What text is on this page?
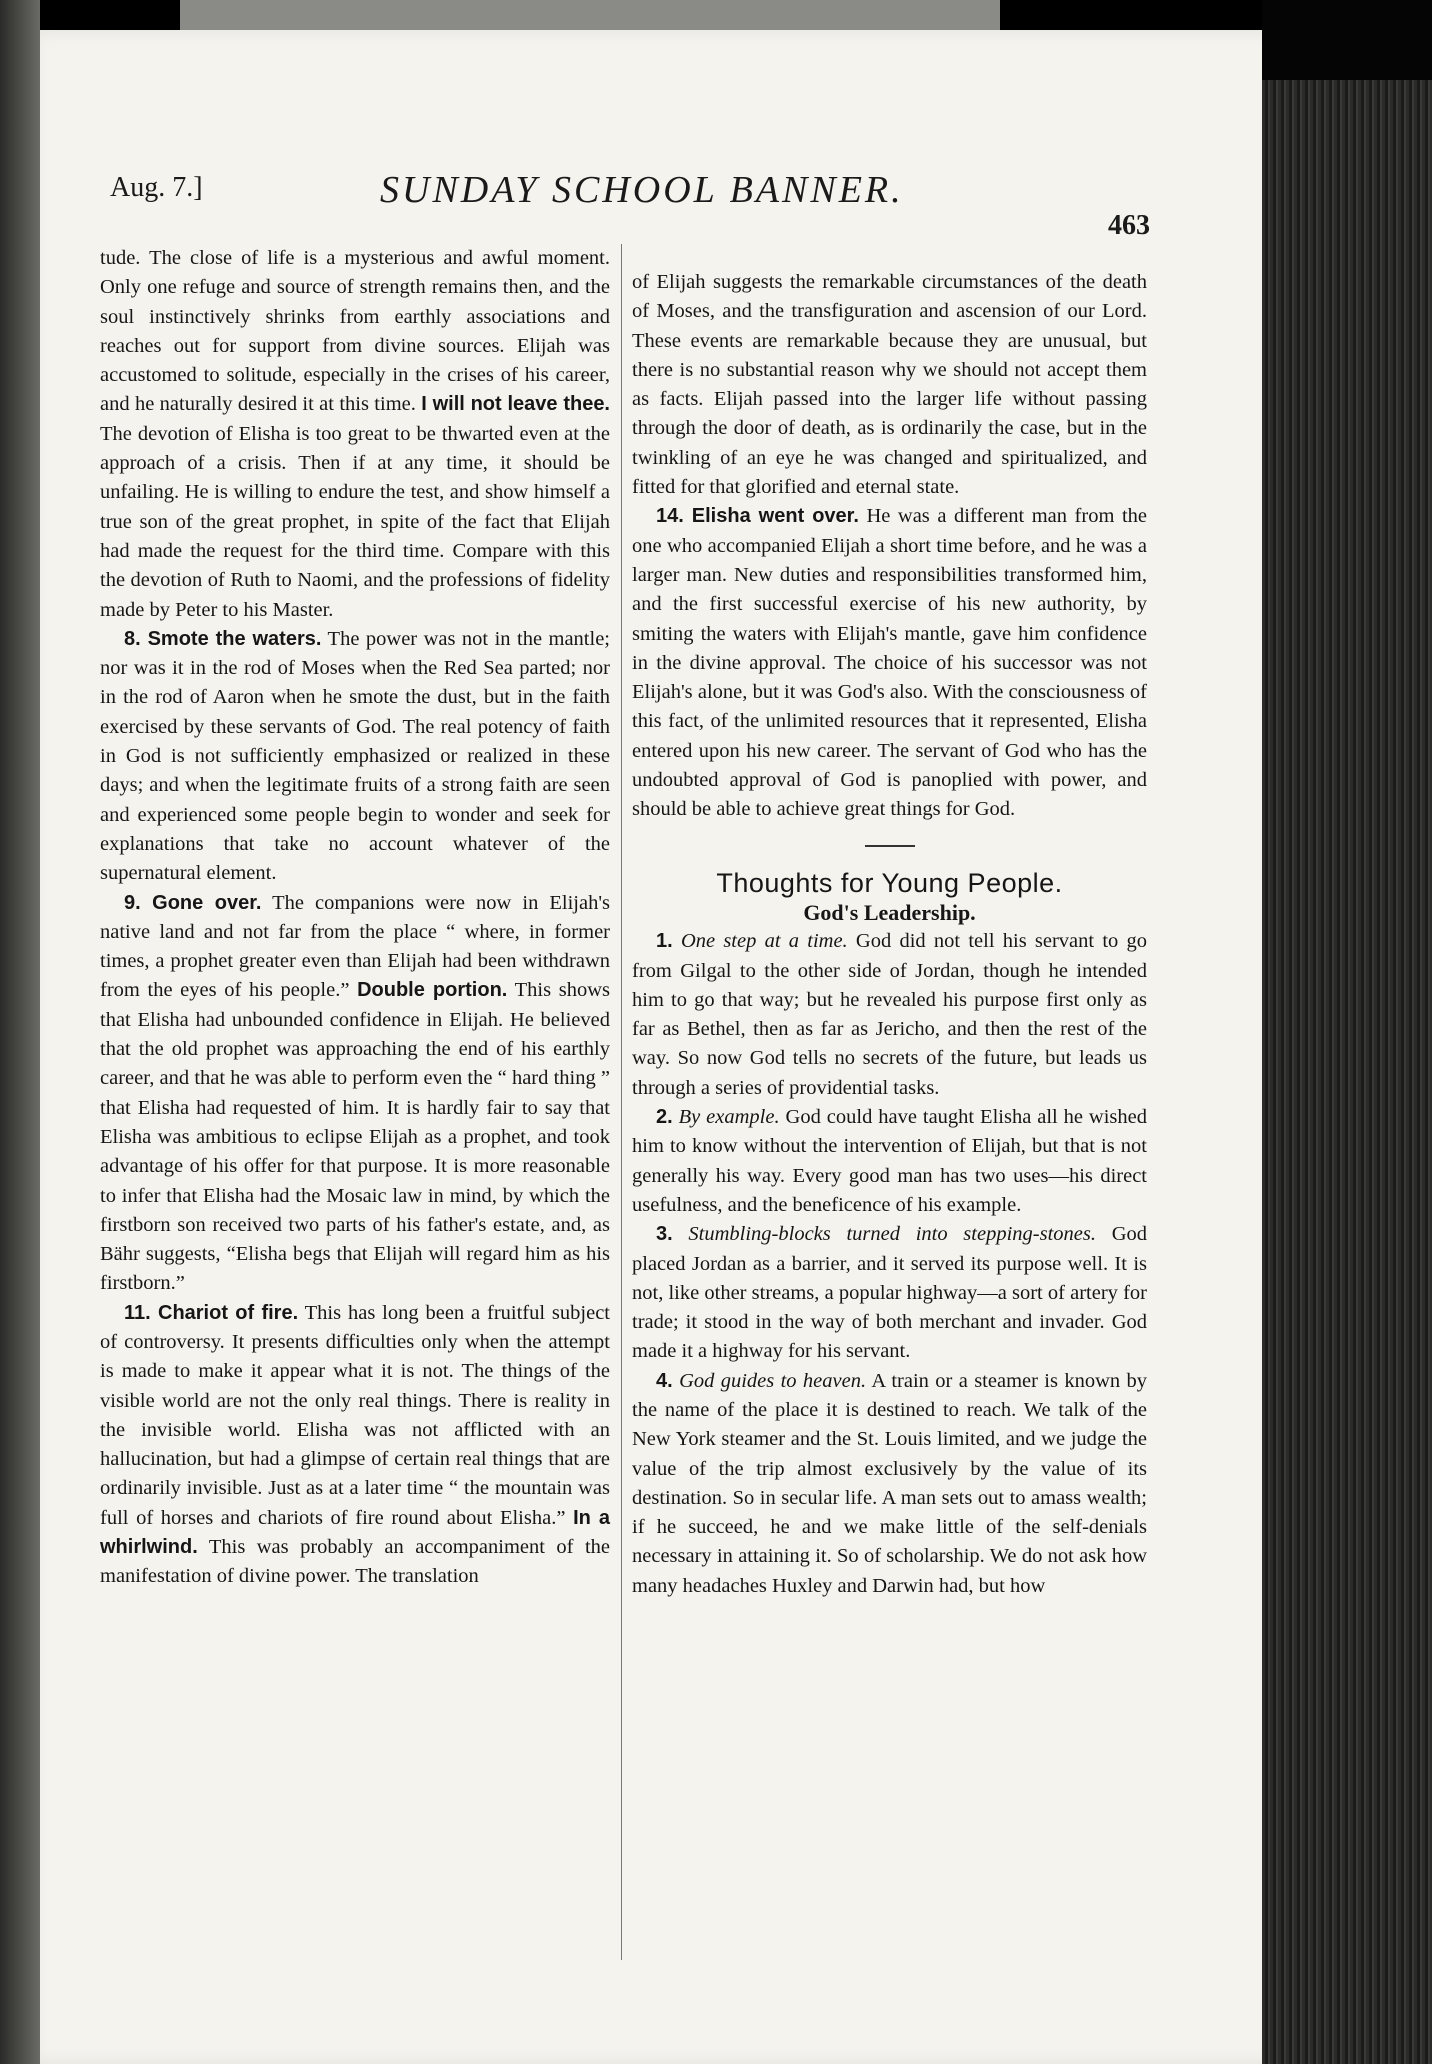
Aug. 7.]	SUNDAY SCHOOL BANNER.
463

tude. The close of life is a mysterious and awful moment. Only one refuge and source of strength remains then, and the soul instinctively shrinks from earthly associations and reaches out for support from divine sources. Elijah was accustomed to solitude, especially in the crises of his career, and he naturally desired it at this time. I will not leave thee. The devotion of Elisha is too great to be thwarted even at the approach of a crisis. Then if at any time, it should be unfailing. He is willing to endure the test, and show himself a true son of the great prophet, in spite of the fact that Elijah had made the request for the third time. Compare with this the devotion of Ruth to Naomi, and the professions of fidelity made by Peter to his Master.

8. Smote the waters. The power was not in the mantle; nor was it in the rod of Moses when the Red Sea parted; nor in the rod of Aaron when he smote the dust, but in the faith exercised by these servants of God. The real potency of faith in God is not sufficiently emphasized or realized in these days; and when the legitimate fruits of a strong faith are seen and experienced some people begin to wonder and seek for explanations that take no account whatever of the supernatural element.

9. Gone over. The companions were now in Elijah's native land and not far from the place “ where, in former times, a prophet greater even than Elijah had been withdrawn from the eyes of his people.” Double portion. This shows that Elisha had unbounded confidence in Elijah. He believed that the old prophet was approaching the end of his earthly career, and that he was able to perform even the “ hard thing ” that Elisha had requested of him. It is hardly fair to say that Elisha was ambitious to eclipse Elijah as a prophet, and took advantage of his offer for that purpose. It is more reasonable to infer that Elisha had the Mosaic law in mind, by which the firstborn son received two parts of his father's estate, and, as Bähr suggests, “Elisha begs that Elijah will regard him as his firstborn.”

11. Chariot of fire. This has long been a fruitful subject of controversy. It presents difficulties only when the attempt is made to make it appear what it is not. The things of the visible world are not the only real things. There is reality in the invisible world. Elisha was not afflicted with an hallucination, but had a glimpse of certain real things that are ordinarily invisible. Just as at a later time “ the mountain was full of horses and chariots of fire round about Elisha.” In a whirlwind. This was probably an accompaniment of the manifestation of divine power. The translation

of Elijah suggests the remarkable circumstances of the death of Moses, and the transfiguration and ascension of our Lord. These events are remarkable because they are unusual, but there is no substantial reason why we should not accept them as facts. Elijah passed into the larger life without passing through the door of death, as is ordinarily the case, but in the twinkling of an eye he was changed and spiritualized, and fitted for that glorified and eternal state.

14. Elisha went over. He was a different man from the one who accompanied Elijah a short time before, and he was a larger man. New duties and responsibilities transformed him, and the first successful exercise of his new authority, by smiting the waters with Elijah's mantle, gave him confidence in the divine approval. The choice of his successor was not Elijah's alone, but it was God's also. With the consciousness of this fact, of the unlimited resources that it represented, Elisha entered upon his new career. The servant of God who has the undoubted approval of God is panoplied with power, and should be able to achieve great things for God.

Thoughts for Young People.

God's Leadership.

1. One step at a time. God did not tell his servant to go from Gilgal to the other side of Jordan, though he intended him to go that way; but he revealed his purpose first only as far as Bethel, then as far as Jericho, and then the rest of the way. So now God tells no secrets of the future, but leads us through a series of providential tasks.

2. By example. God could have taught Elisha all he wished him to know without the intervention of Elijah, but that is not generally his way. Every good man has two uses—his direct usefulness, and the beneficence of his example.

3. Stumbling-blocks turned into stepping-stones. God placed Jordan as a barrier, and it served its purpose well. It is not, like other streams, a popular highway—a sort of artery for trade; it stood in the way of both merchant and invader. God made it a highway for his servant.

4. God guides to heaven. A train or a steamer is known by the name of the place it is destined to reach. We talk of the New York steamer and the St. Louis limited, and we judge the value of the trip almost exclusively by the value of its destination. So in secular life. A man sets out to amass wealth; if he succeed, he and we make little of the self-denials necessary in attaining it. So of scholarship. We do not ask how many headaches Huxley and Darwin had, but how
